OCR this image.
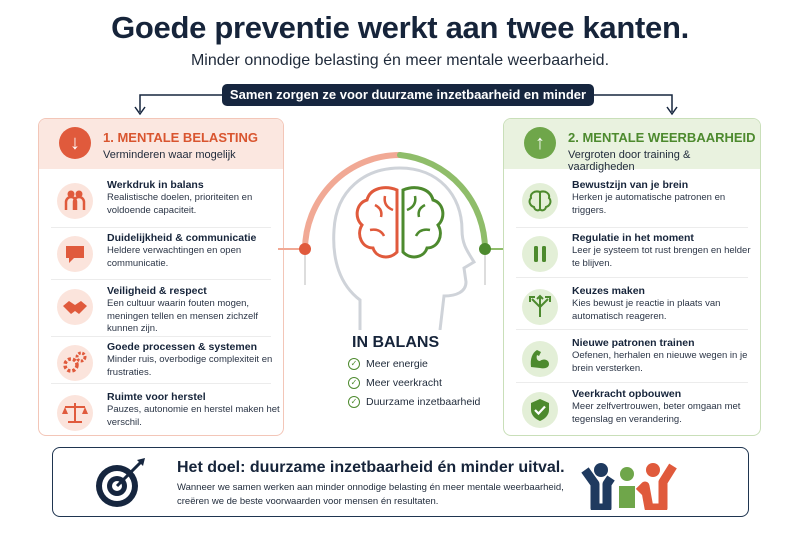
Goede preventie werkt aan twee kanten.
Minder onnodige belasting én meer mentale weerbaarheid.
Samen zorgen ze voor duurzame inzetbaarheid en minder uitval.
↓	1. MENTALE BELASTING
Verminderen waar mogelijk
Werkdruk in balans
Realistische doelen, prioriteiten en voldoende capaciteit.
Duidelijkheid & communicatie
Heldere verwachtingen en open communicatie.
Veiligheid & respect
Een cultuur waarin fouten mogen, meningen tellen en mensen zichzelf kunnen zijn.
Goede processen & systemen
Minder ruis, overbodige complexiteit en frustraties.
Ruimte voor herstel
Pauzes, autonomie en herstel maken het verschil.
IN BALANS
✓ Meer energie
✓ Meer veerkracht
✓ Duurzame inzetbaarheid
↑	2. MENTALE WEERBAARHEID
Vergroten door training & vaardigheden
Bewustzijn van je brein
Herken je automatische patronen en triggers.
Regulatie in het moment
Leer je systeem tot rust brengen en helder te blijven.
Keuzes maken
Kies bewust je reactie in plaats van automatisch reageren.
Nieuwe patronen trainen
Oefenen, herhalen en nieuwe wegen in je brein versterken.
Veerkracht opbouwen
Meer zelfvertrouwen, beter omgaan met tegenslag en verandering.
Het doel: duurzame inzetbaarheid én minder uitval.
Wanneer we samen werken aan minder onnodige belasting én meer mentale weerbaarheid, creëren we de beste voorwaarden voor mensen én resultaten.
